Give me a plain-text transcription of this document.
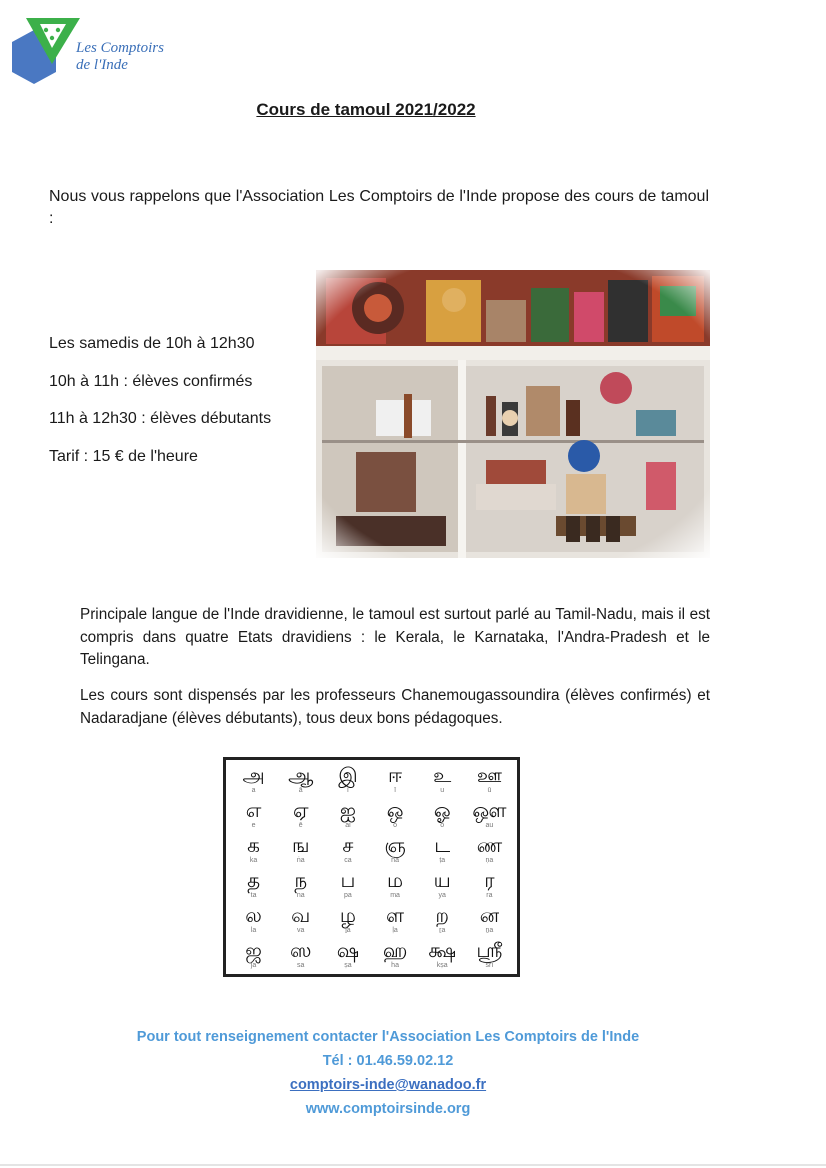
Les Comptoirs
de l'Inde
Cours de tamoul 2021/2022
Nous vous rappelons que l'Association Les Comptoirs de l'Inde propose des cours de tamoul :
Les samedis de 10h à 12h30
10h à 11h : élèves confirmés
11h à 12h30 : élèves débutants
Tarif : 15 € de l'heure
Principale langue de l'Inde dravidienne, le tamoul est surtout parlé au Tamil-Nadu, mais il est compris dans quatre Etats dravidiens : le Kerala, le Karnataka, l'Andra-Pradesh et le Telingana.
Les cours sont dispensés par les professeurs Chanemougassoundira (élèves confirmés) et Nadaradjane (élèves débutants), tous deux bons pédagoques.
அ
a
ஆ
ā
இ
i
ஈ
ī
உ
u
ஊ
ū
எ
e
ஏ
ē
ஐ
ai
ஒ
o
ஓ
ō
ஔ
au
க
ka
ங
ṅa
ச
ca
ஞ
ña
ட
ṭa
ண
ṇa
த
ta
ந
na
ப
pa
ம
ma
ய
ya
ர
ra
ல
la
வ
va
ழ
ḻa
ள
ḷa
ற
ṟa
ன
ṉa
ஜ
ja
ஸ
sa
ஷ
ṣa
ஹ
ha
க்ஷ
kṣa
ஸ்ரீ
srī
Pour tout renseignement contacter l'Association Les Comptoirs de l'Inde
Tél : 01.46.59.02.12
comptoirs-inde@wanadoo.fr
www.comptoirsinde.org
